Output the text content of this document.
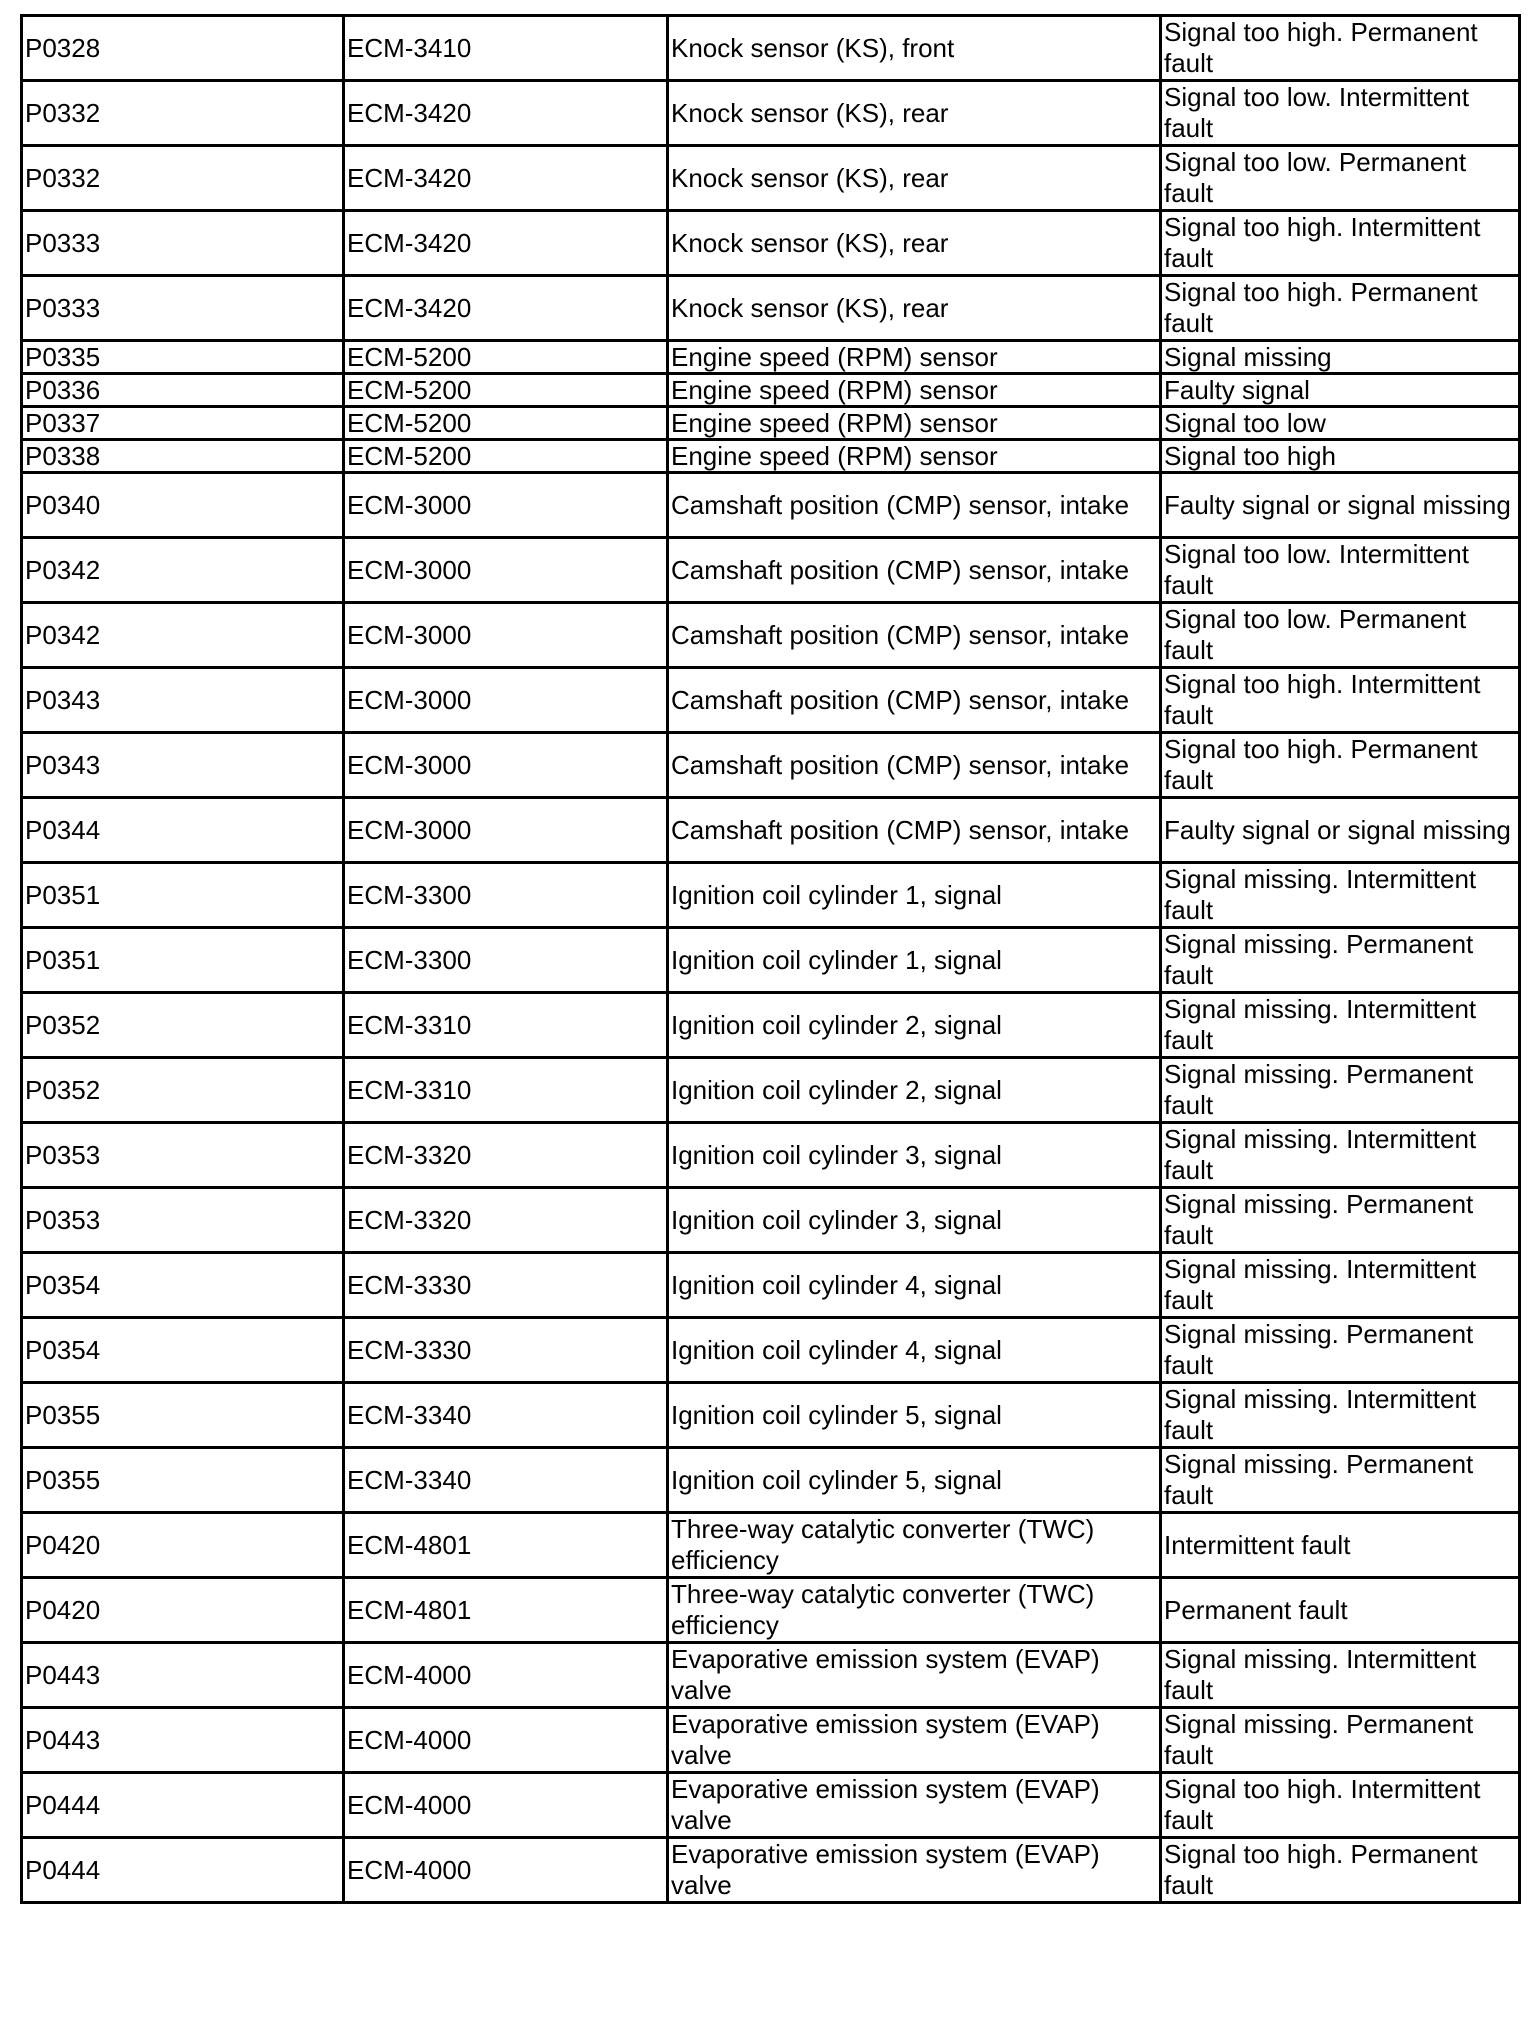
P0328	ECM-3410	Knock sensor (KS), front	Signal too high. Permanent fault
P0332	ECM-3420	Knock sensor (KS), rear	Signal too low. Intermittent fault
P0332	ECM-3420	Knock sensor (KS), rear	Signal too low. Permanent fault
P0333	ECM-3420	Knock sensor (KS), rear	Signal too high. Intermittent fault
P0333	ECM-3420	Knock sensor (KS), rear	Signal too high. Permanent fault
P0335	ECM-5200	Engine speed (RPM) sensor	Signal missing
P0336	ECM-5200	Engine speed (RPM) sensor	Faulty signal
P0337	ECM-5200	Engine speed (RPM) sensor	Signal too low
P0338	ECM-5200	Engine speed (RPM) sensor	Signal too high
P0340	ECM-3000	Camshaft position (CMP) sensor, intake	Faulty signal or signal missing
P0342	ECM-3000	Camshaft position (CMP) sensor, intake	Signal too low. Intermittent fault
P0342	ECM-3000	Camshaft position (CMP) sensor, intake	Signal too low. Permanent fault
P0343	ECM-3000	Camshaft position (CMP) sensor, intake	Signal too high. Intermittent fault
P0343	ECM-3000	Camshaft position (CMP) sensor, intake	Signal too high. Permanent fault
P0344	ECM-3000	Camshaft position (CMP) sensor, intake	Faulty signal or signal missing
P0351	ECM-3300	Ignition coil cylinder 1, signal	Signal missing. Intermittent fault
P0351	ECM-3300	Ignition coil cylinder 1, signal	Signal missing. Permanent fault
P0352	ECM-3310	Ignition coil cylinder 2, signal	Signal missing. Intermittent fault
P0352	ECM-3310	Ignition coil cylinder 2, signal	Signal missing. Permanent fault
P0353	ECM-3320	Ignition coil cylinder 3, signal	Signal missing. Intermittent fault
P0353	ECM-3320	Ignition coil cylinder 3, signal	Signal missing. Permanent fault
P0354	ECM-3330	Ignition coil cylinder 4, signal	Signal missing. Intermittent fault
P0354	ECM-3330	Ignition coil cylinder 4, signal	Signal missing. Permanent fault
P0355	ECM-3340	Ignition coil cylinder 5, signal	Signal missing. Intermittent fault
P0355	ECM-3340	Ignition coil cylinder 5, signal	Signal missing. Permanent fault
P0420	ECM-4801	Three-way catalytic converter (TWC) efficiency	Intermittent fault
P0420	ECM-4801	Three-way catalytic converter (TWC) efficiency	Permanent fault
P0443	ECM-4000	Evaporative emission system (EVAP) valve	Signal missing. Intermittent fault
P0443	ECM-4000	Evaporative emission system (EVAP) valve	Signal missing. Permanent fault
P0444	ECM-4000	Evaporative emission system (EVAP) valve	Signal too high. Intermittent fault
P0444	ECM-4000	Evaporative emission system (EVAP) valve	Signal too high. Permanent fault
